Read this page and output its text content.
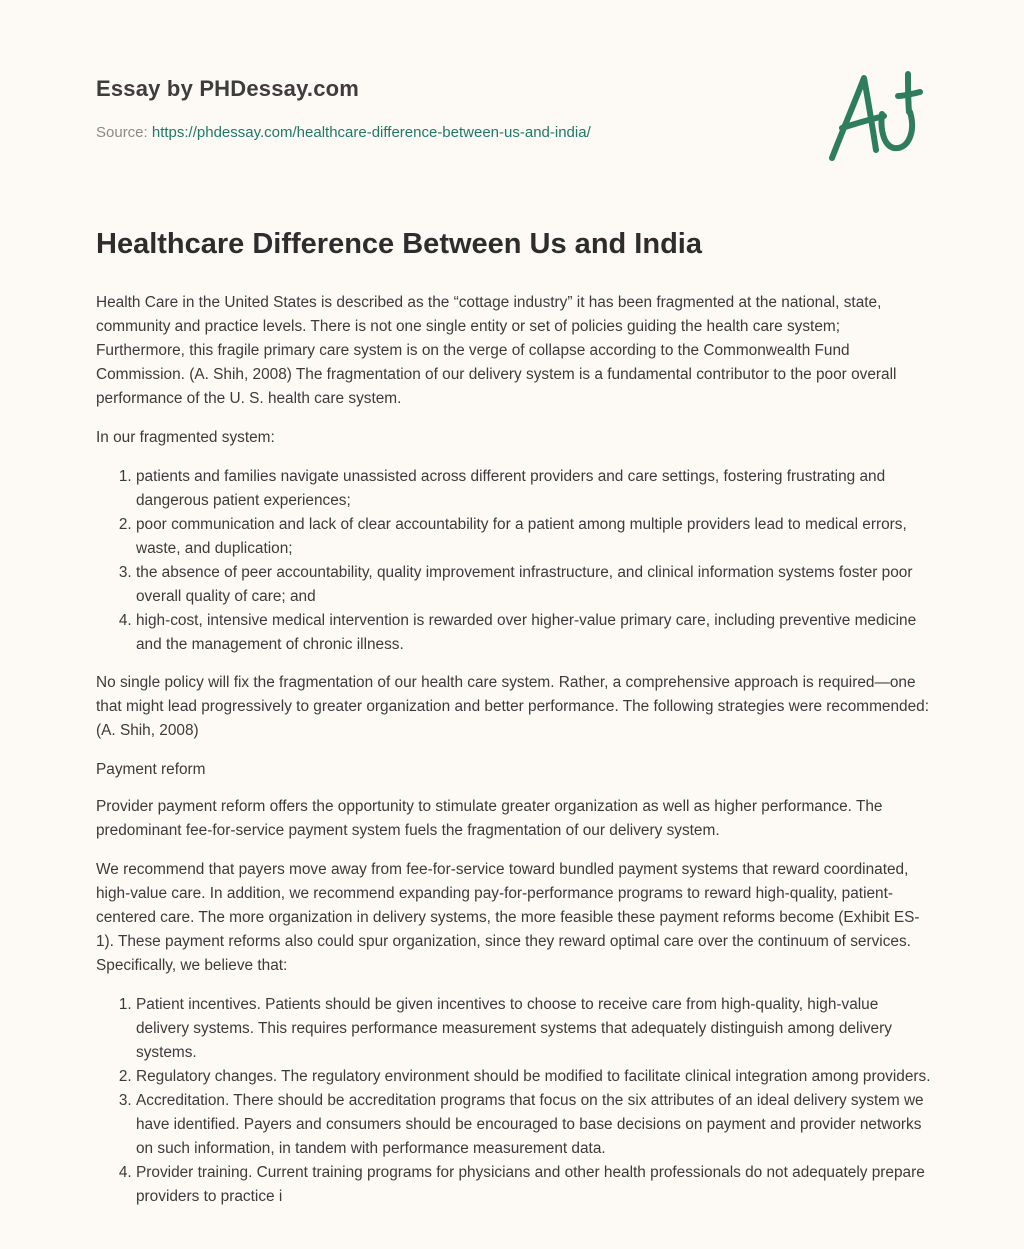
Essay by PHDessay.com
Source: https://phdessay.com/healthcare-difference-between-us-and-india/
Healthcare Difference Between Us and India

Health Care in the United States is described as the “cottage industry” it has been fragmented at the national, state, community and practice levels. There is not one single entity or set of policies guiding the health care system; Furthermore, this fragile primary care system is on the verge of collapse according to the Commonwealth Fund Commission. (A. Shih, 2008) The fragmentation of our delivery system is a fundamental contributor to the poor overall performance of the U. S. health care system.

In our fragmented system:

1. patients and families navigate unassisted across different providers and care settings, fostering frustrating and dangerous patient experiences;
2. poor communication and lack of clear accountability for a patient among multiple providers lead to medical errors, waste, and duplication;
3. the absence of peer accountability, quality improvement infrastructure, and clinical information systems foster poor overall quality of care; and
4. high-cost, intensive medical intervention is rewarded over higher-value primary care, including preventive medicine and the management of chronic illness.

No single policy will fix the fragmentation of our health care system. Rather, a comprehensive approach is required—one that might lead progressively to greater organization and better performance. The following strategies were recommended: (A. Shih, 2008)

Payment reform

Provider payment reform offers the opportunity to stimulate greater organization as well as higher performance. The predominant fee-for-service payment system fuels the fragmentation of our delivery system.

We recommend that payers move away from fee-for-service toward bundled payment systems that reward coordinated, high-value care. In addition, we recommend expanding pay-for-performance programs to reward high-quality, patient-centered care. The more organization in delivery systems, the more feasible these payment reforms become (Exhibit ES-1). These payment reforms also could spur organization, since they reward optimal care over the continuum of services. Specifically, we believe that:

1. Patient incentives. Patients should be given incentives to choose to receive care from high-quality, high-value delivery systems. This requires performance measurement systems that adequately distinguish among delivery systems.
2. Regulatory changes. The regulatory environment should be modified to facilitate clinical integration among providers.
3. Accreditation. There should be accreditation programs that focus on the six attributes of an ideal delivery system we have identified. Payers and consumers should be encouraged to base decisions on payment and provider networks on such information, in tandem with performance measurement data.
4. Provider training. Current training programs for physicians and other health professionals do not adequately prepare providers to practice i
